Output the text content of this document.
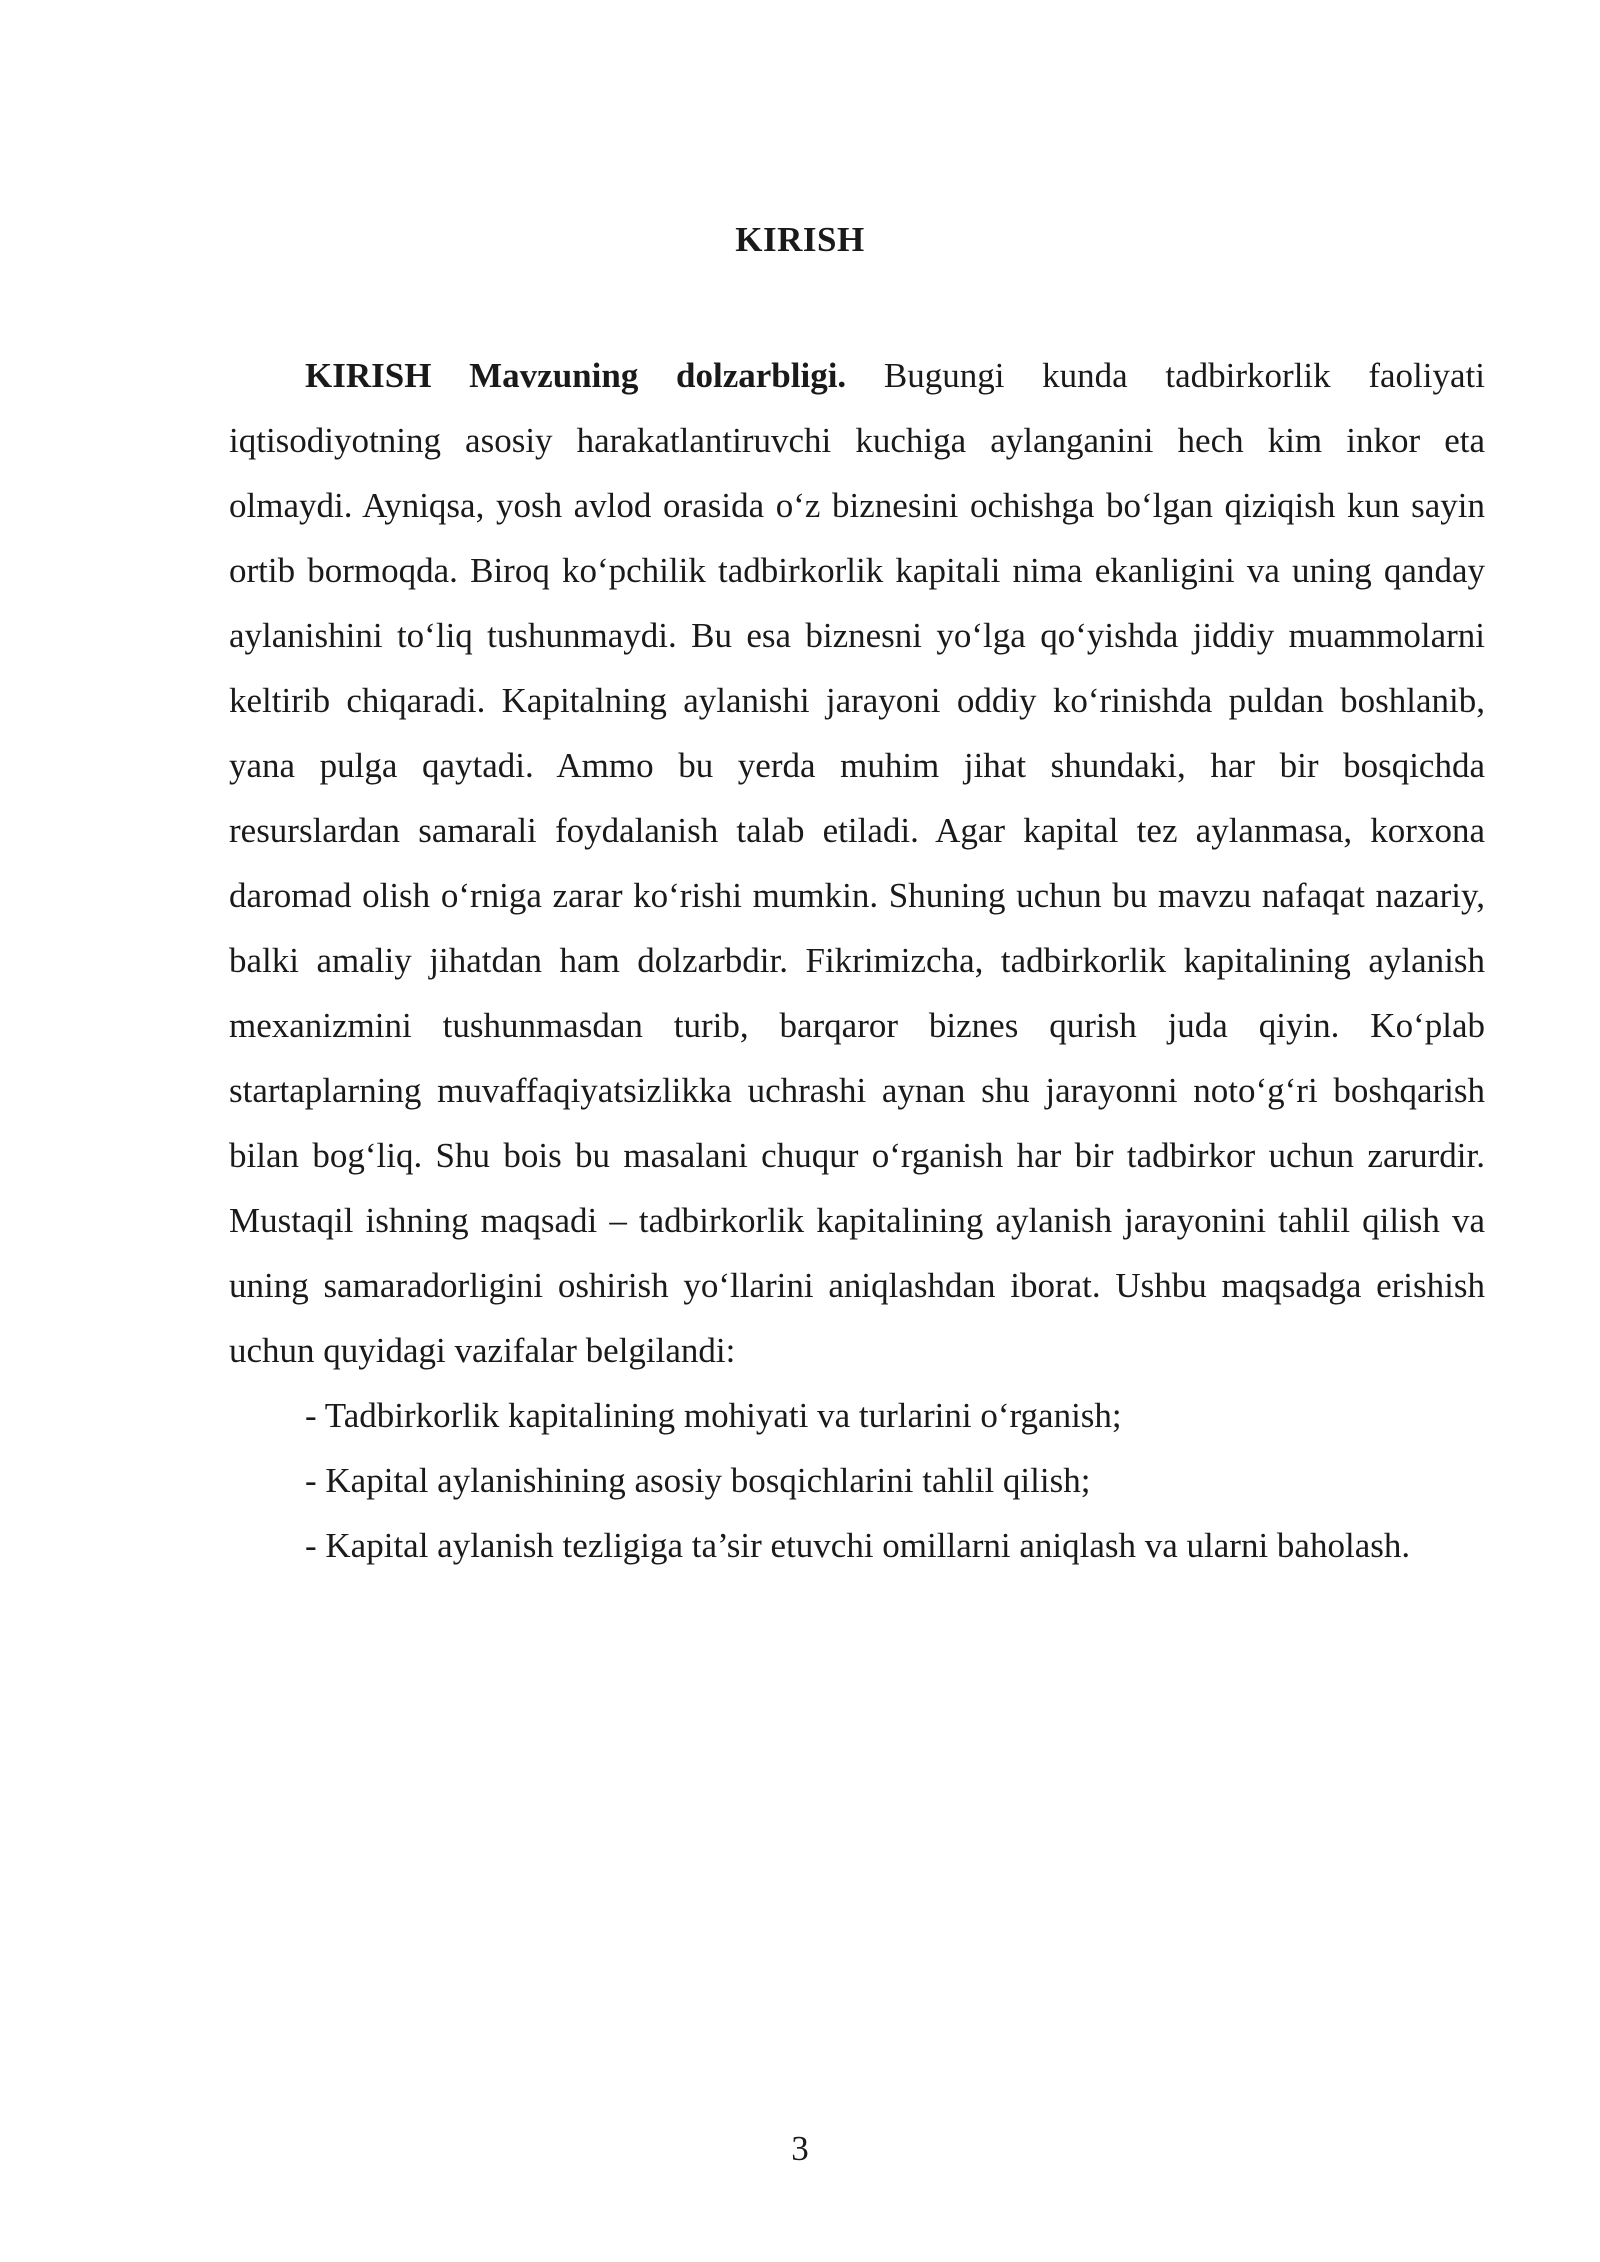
KIRISH

KIRISH Mavzuning dolzarbligi. Bugungi kunda tadbirkorlik faoliyati iqtisodiyotning asosiy harakatlantiruvchi kuchiga aylanganini hech kim inkor eta olmaydi. Ayniqsa, yosh avlod orasida o‘z biznesini ochishga bo‘lgan qiziqish kun sayin ortib bormoqda. Biroq ko‘pchilik tadbirkorlik kapitali nima ekanligini va uning qanday aylanishini to‘liq tushunmaydi. Bu esa biznesni yo‘lga qo‘yishda jiddiy muammolarni keltirib chiqaradi. Kapitalning aylanishi jarayoni oddiy ko‘rinishda puldan boshlanib, yana pulga qaytadi. Ammo bu yerda muhim jihat shundaki, har bir bosqichda resurslardan samarali foydalanish talab etiladi. Agar kapital tez aylanmasa, korxona daromad olish o‘rniga zarar ko‘rishi mumkin. Shuning uchun bu mavzu nafaqat nazariy, balki amaliy jihatdan ham dolzarbdir. Fikrimizcha, tadbirkorlik kapitalining aylanish mexanizmini tushunmasdan turib, barqaror biznes qurish juda qiyin. Ko‘plab startaplarning muvaffaqiyatsizlikka uchrashi aynan shu jarayonni noto‘g‘ri boshqarish bilan bog‘liq. Shu bois bu masalani chuqur o‘rganish har bir tadbirkor uchun zarurdir. Mustaqil ishning maqsadi – tadbirkorlik kapitalining aylanish jarayonini tahlil qilish va uning samaradorligini oshirish yo‘llarini aniqlashdan iborat. Ushbu maqsadga erishish uchun quyidagi vazifalar belgilandi:

- Tadbirkorlik kapitalining mohiyati va turlarini o‘rganish;

- Kapital aylanishining asosiy bosqichlarini tahlil qilish;

- Kapital aylanish tezligiga ta’sir etuvchi omillarni aniqlash va ularni baholash.

3
